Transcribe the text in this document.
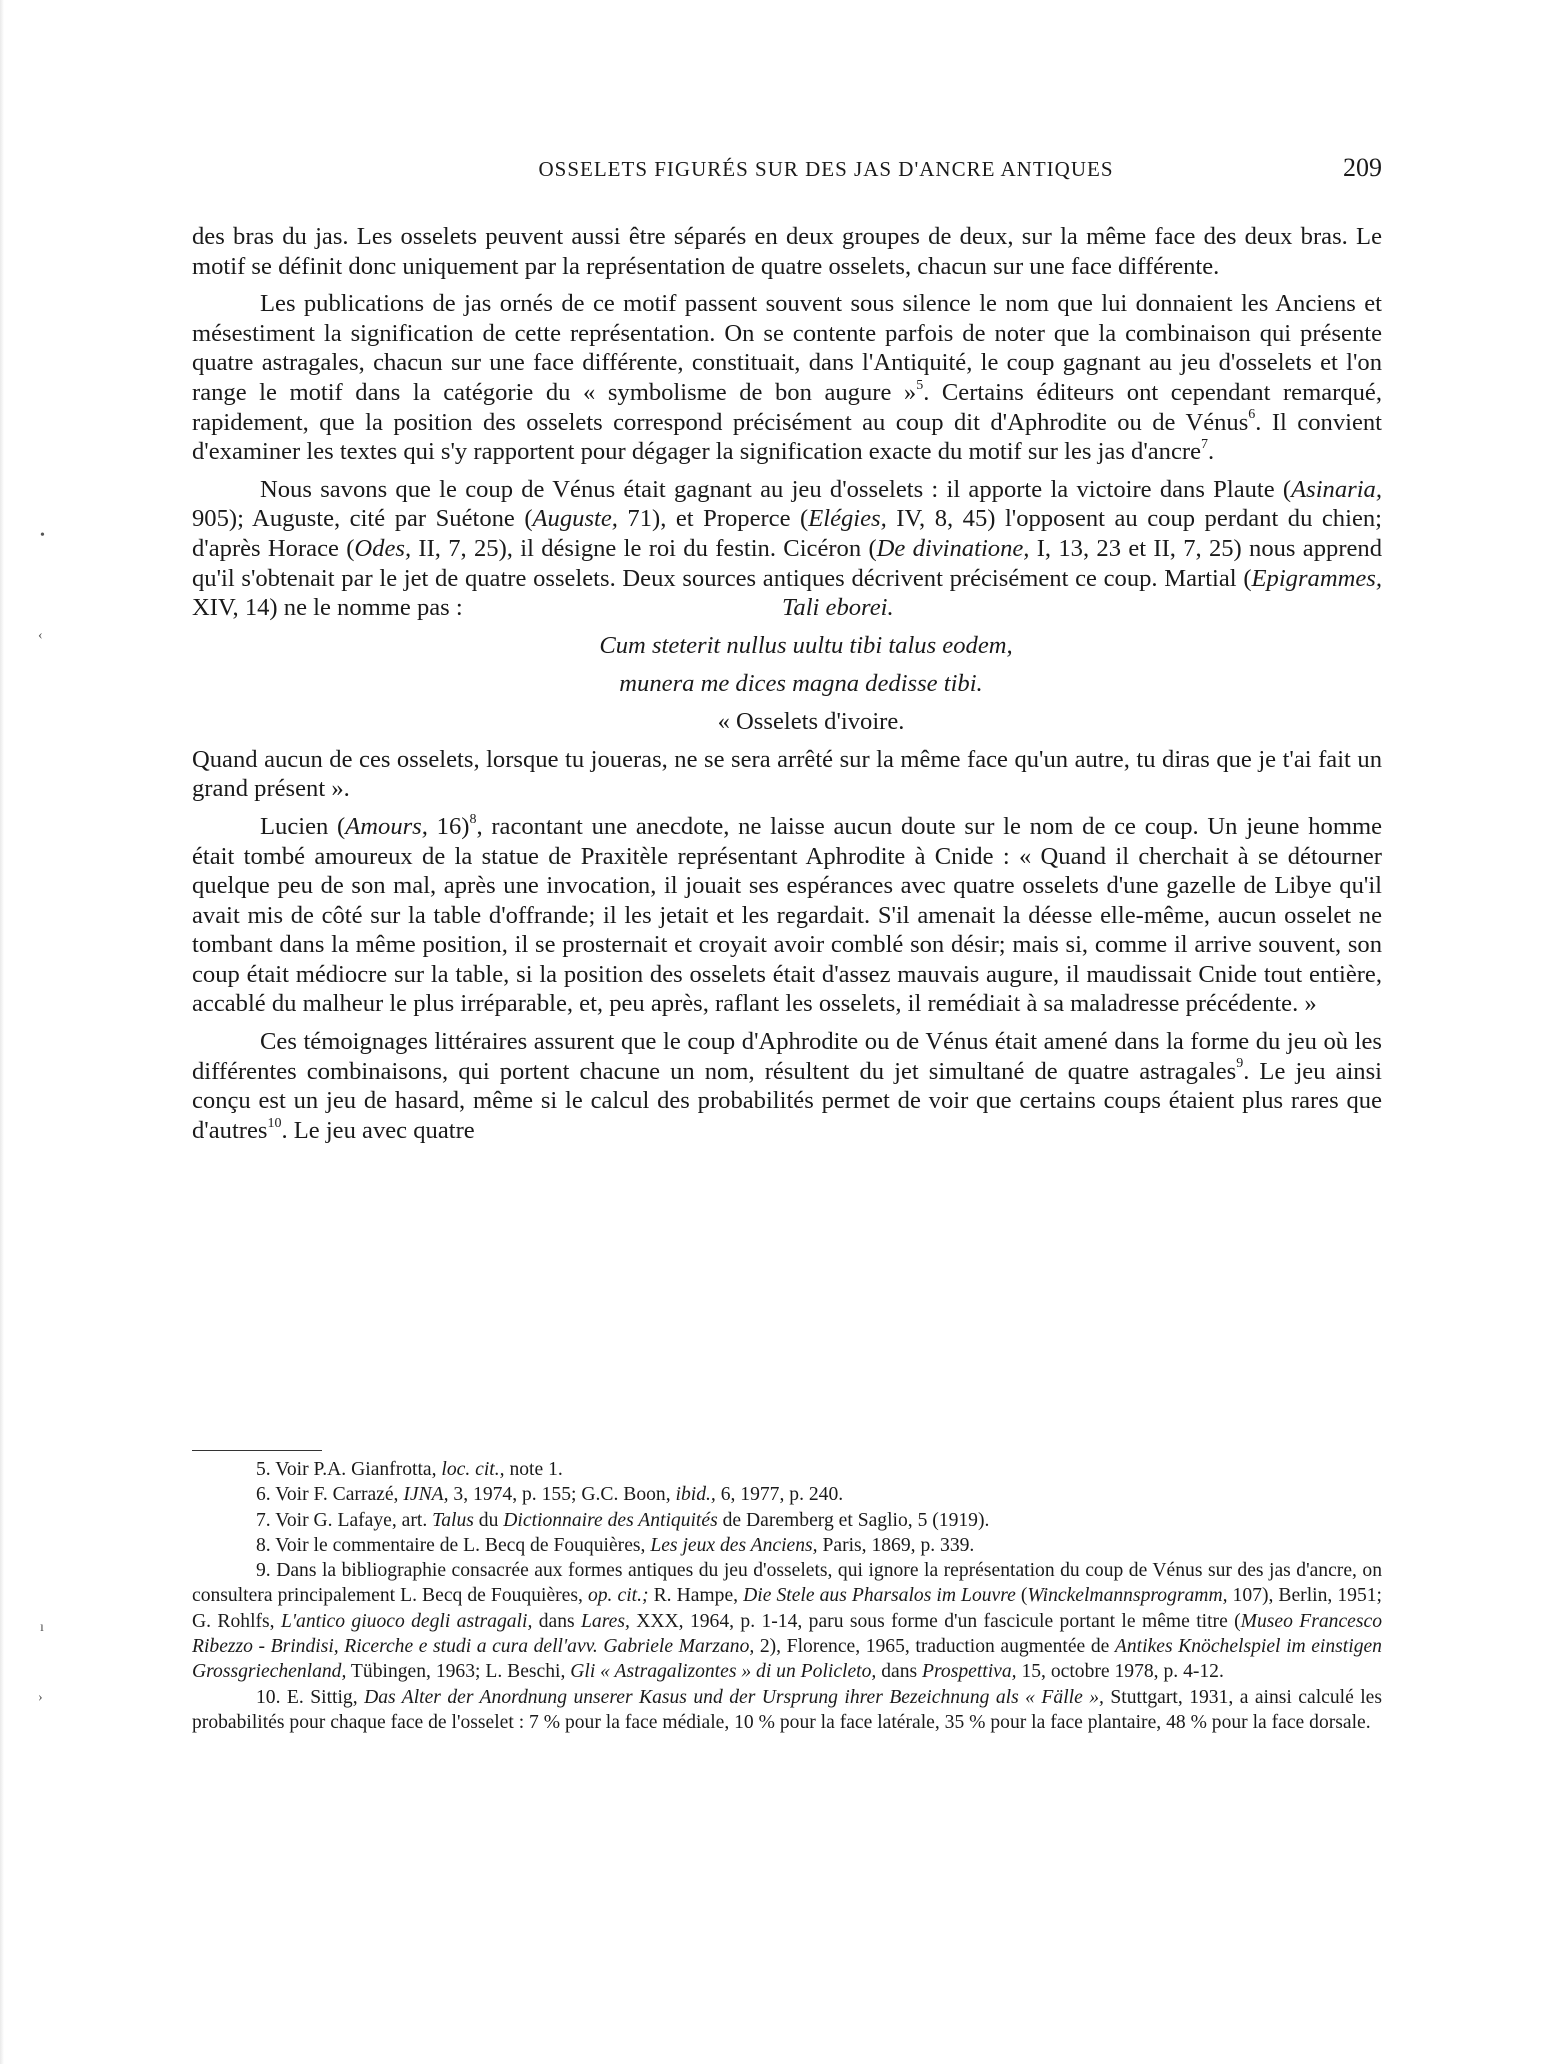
OSSELETS FIGURÉS SUR DES JAS D'ANCRE ANTIQUES	209

des bras du jas. Les osselets peuvent aussi être séparés en deux groupes de deux, sur la même face des deux bras. Le motif se définit donc uniquement par la représentation de quatre osselets, chacun sur une face différente.

Les publications de jas ornés de ce motif passent souvent sous silence le nom que lui donnaient les Anciens et mésestiment la signification de cette représentation. On se contente parfois de noter que la combinaison qui présente quatre astragales, chacun sur une face différente, constituait, dans l'Antiquité, le coup gagnant au jeu d'osselets et l'on range le motif dans la catégorie du « symbolisme de bon augure »$^5$. Certains éditeurs ont cependant remarqué, rapidement, que la position des osselets correspond précisément au coup dit d'Aphrodite ou de Vénus$^6$. Il convient d'examiner les textes qui s'y rapportent pour dégager la signification exacte du motif sur les jas d'ancre$^7$.

Nous savons que le coup de Vénus était gagnant au jeu d'osselets : il apporte la victoire dans Plaute (Asinaria, 905); Auguste, cité par Suétone (Auguste, 71), et Properce (Elégies, IV, 8, 45) l'opposent au coup perdant du chien; d'après Horace (Odes, II, 7, 25), il désigne le roi du festin. Cicéron (De divinatione, I, 13, 23 et II, 7, 25) nous apprend qu'il s'obtenait par le jet de quatre osselets. Deux sources antiques décrivent précisément ce coup. Martial (Epigrammes, XIV, 14) ne le nomme pas :	Tali eborei.

Cum steterit nullus uultu tibi talus eodem,

munera me dices magna dedisse tibi.

« Osselets d'ivoire.

Quand aucun de ces osselets, lorsque tu joueras, ne se sera arrêté sur la même face qu'un autre, tu diras que je t'ai fait un grand présent ».

Lucien (Amours, 16)$^8$, racontant une anecdote, ne laisse aucun doute sur le nom de ce coup. Un jeune homme était tombé amoureux de la statue de Praxitèle représentant Aphrodite à Cnide : « Quand il cherchait à se détourner quelque peu de son mal, après une invocation, il jouait ses espérances avec quatre osselets d'une gazelle de Libye qu'il avait mis de côté sur la table d'offrande; il les jetait et les regardait. S'il amenait la déesse elle-même, aucun osselet ne tombant dans la même position, il se prosternait et croyait avoir comblé son désir; mais si, comme il arrive souvent, son coup était médiocre sur la table, si la position des osselets était d'assez mauvais augure, il maudissait Cnide tout entière, accablé du malheur le plus irréparable, et, peu après, raflant les osselets, il remédiait à sa maladresse précédente. »

Ces témoignages littéraires assurent que le coup d'Aphrodite ou de Vénus était amené dans la forme du jeu où les différentes combinaisons, qui portent chacune un nom, résultent du jet simultané de quatre astragales$^9$. Le jeu ainsi conçu est un jeu de hasard, même si le calcul des probabilités permet de voir que certains coups étaient plus rares que d'autres$^{10}$. Le jeu avec quatre

5. Voir P.A. Gianfrotta, loc. cit., note 1.

6. Voir F. Carrazé, IJNA, 3, 1974, p. 155; G.C. Boon, ibid., 6, 1977, p. 240.

7. Voir G. Lafaye, art. Talus du Dictionnaire des Antiquités de Daremberg et Saglio, 5 (1919).

8. Voir le commentaire de L. Becq de Fouquières, Les jeux des Anciens, Paris, 1869, p. 339.

9. Dans la bibliographie consacrée aux formes antiques du jeu d'osselets, qui ignore la représentation du coup de Vénus sur des jas d'ancre, on consultera principalement L. Becq de Fouquières, op. cit.; R. Hampe, Die Stele aus Pharsalos im Louvre (Winckelmannsprogramm, 107), Berlin, 1951; G. Rohlfs, L'antico giuoco degli astragali, dans Lares, XXX, 1964, p. 1-14, paru sous forme d'un fascicule portant le même titre (Museo Francesco Ribezzo - Brindisi, Ricerche e studi a cura dell'avv. Gabriele Marzano, 2), Florence, 1965, traduction augmentée de Antikes Knöchelspiel im einstigen Grossgriechenland, Tübingen, 1963; L. Beschi, Gli « Astragalizontes » di un Policleto, dans Prospettiva, 15, octobre 1978, p. 4-12.

10. E. Sittig, Das Alter der Anordnung unserer Kasus und der Ursprung ihrer Bezeichnung als « Fälle », Stuttgart, 1931, a ainsi calculé les probabilités pour chaque face de l'osselet : 7 % pour la face médiale, 10 % pour la face latérale, 35 % pour la face plantaire, 48 % pour la face dorsale.

•
‹
ı
›
